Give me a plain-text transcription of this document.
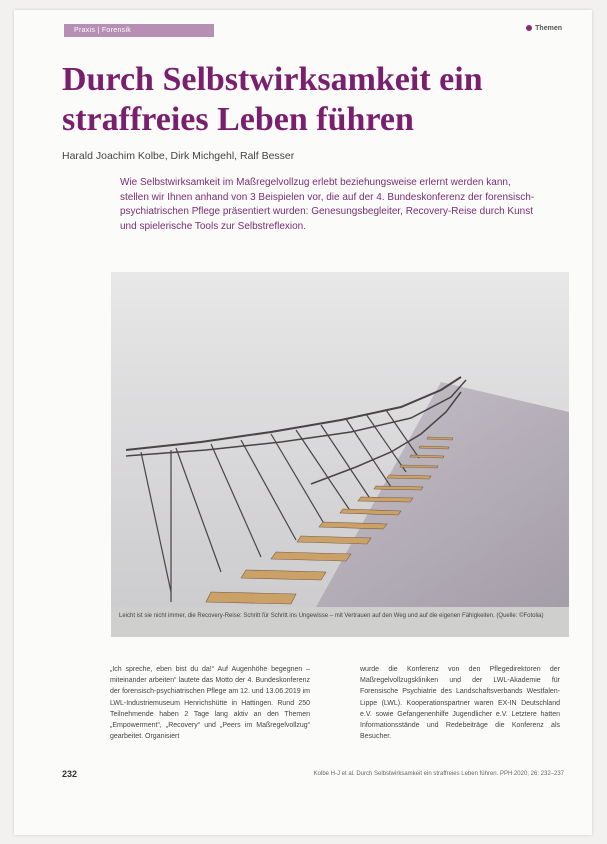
Praxis | Forensik	Themen
Durch Selbstwirksamkeit ein straffreies Leben führen
Harald Joachim Kolbe, Dirk Michgehl, Ralf Besser
Wie Selbstwirksamkeit im Maßregelvollzug erlebt beziehungsweise erlernt werden kann, stellen wir Ihnen anhand von 3 Beispielen vor, die auf der 4. Bundeskonferenz der forensisch-psychiatrischen Pflege präsentiert wurden: Genesungsbegleiter, Recovery-Reise durch Kunst und spielerische Tools zur Selbstreflexion.
Leicht ist sie nicht immer, die Recovery-Reise: Schritt für Schritt ins Ungewisse – mit Vertrauen auf den Weg und auf die eigenen Fähigkeiten. (Quelle: ©Fotolia)
„Ich spreche, eben bist du da!“ Auf Augenhöhe begegnen – miteinander arbeiten“ lautete das Motto der 4. Bundeskonferenz der forensisch-psychiatrischen Pflege am 12. und 13.06.2019 im LWL-Industriemuseum Henrichshütte in Hattingen. Rund 250 Teilnehmende haben 2 Tage lang aktiv an den Themen „Empowerment“, „Recovery“ und „Peers im Maßregelvollzug“ gearbeitet. Organisiert
wurde die Konferenz von den Pflegedirektoren der Maßregelvollzugskliniken und der LWL-Akademie für Forensische Psychiatrie des Landschaftsverbands Westfalen-Lippe (LWL). Kooperationspartner waren EX-IN Deutschland e.V. sowie Gefangenenhilfe Jugendlicher e.V. Letztere hatten Informationsstände und Redebeiträge die Konferenz als Besucher.
232	Kolbe H-J et al. Durch Selbstwirksamkeit ein straffreies Leben führen. PPH 2020; 26: 232–237
